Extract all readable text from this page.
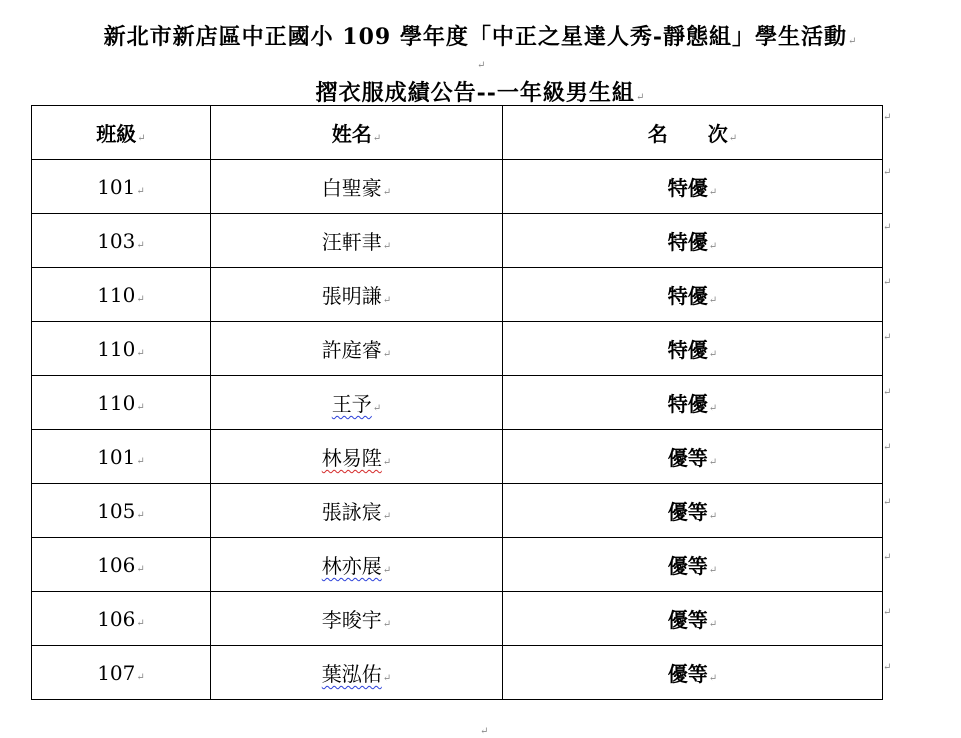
新北市新店區中正國小 109 學年度「中正之星達人秀-靜態組」學生活動↵
↵
摺衣服成績公告--一年級男生組↵
班級↵	姓名↵	名　　次↵
101↵	白聖豪↵	特優↵
103↵	汪軒聿↵	特優↵
110↵	張明謙↵	特優↵
110↵	許庭睿↵	特優↵
110↵	王予↵	特優↵
101↵	林易陞↵	優等↵
105↵	張詠宸↵	優等↵
106↵	林亦展↵	優等↵
106↵	李晙宇↵	優等↵
107↵	葉泓佑↵	優等↵
↵
↵
↵
↵
↵
↵
↵
↵
↵
↵
↵
↵
